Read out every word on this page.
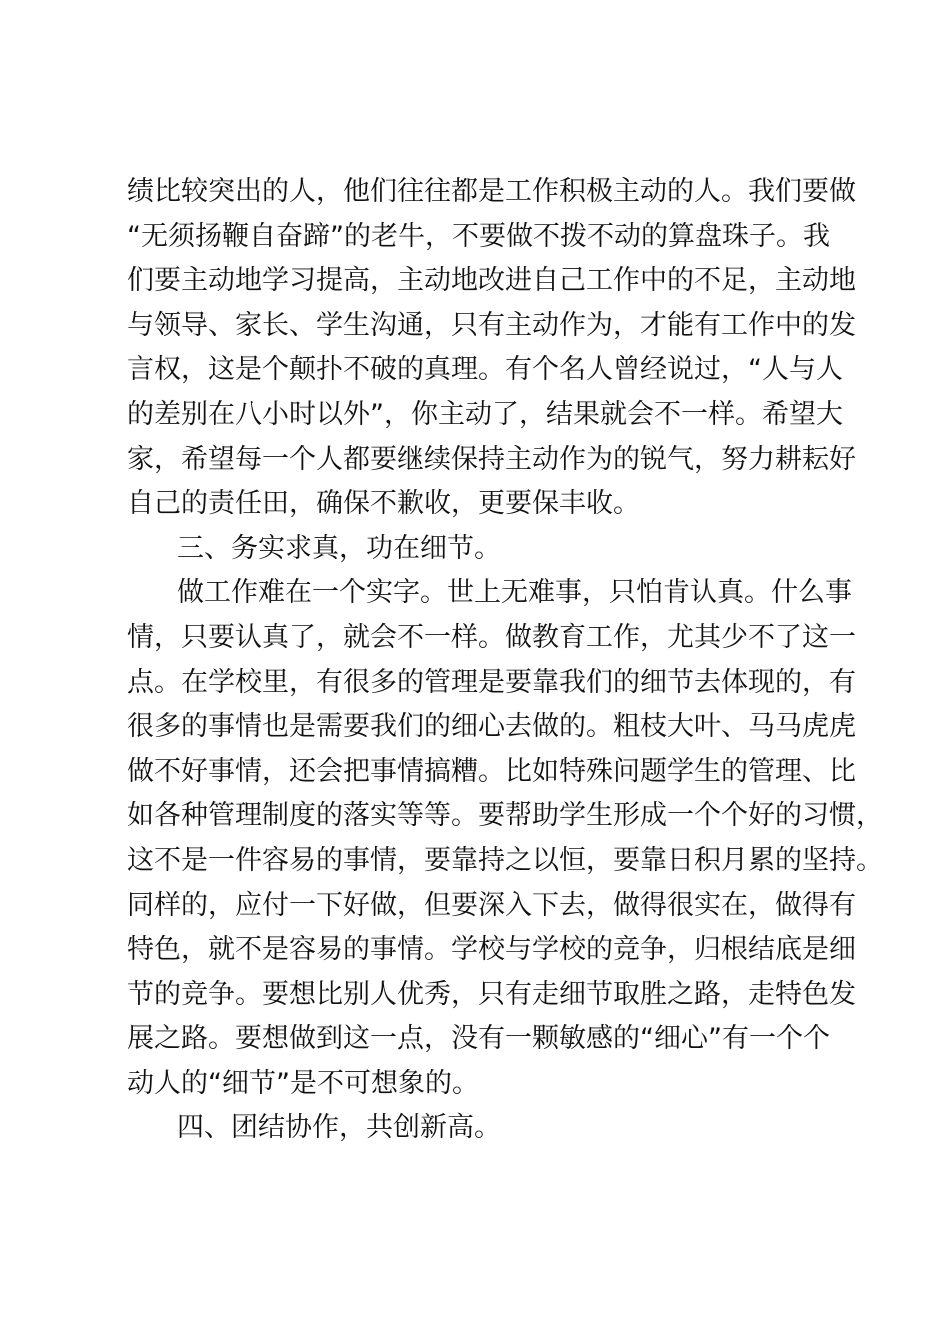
绩比较突出的人，他们往往都是工作积极主动的人。我们要做
“无须扬鞭自奋蹄”的老牛，不要做不拨不动的算盘珠子。我
们要主动地学习提高，主动地改进自己工作中的不足，主动地
与领导、家长、学生沟通，只有主动作为，才能有工作中的发
言权，这是个颠扑不破的真理。有个名人曾经说过，“人与人
的差别在八小时以外”，你主动了，结果就会不一样。希望大
家，希望每一个人都要继续保持主动作为的锐气，努力耕耘好
自己的责任田，确保不歉收，更要保丰收。
三、务实求真，功在细节。
做工作难在一个实字。世上无难事，只怕肯认真。什么事
情，只要认真了，就会不一样。做教育工作，尤其少不了这一
点。在学校里，有很多的管理是要靠我们的细节去体现的，有
很多的事情也是需要我们的细心去做的。粗枝大叶、马马虎虎
做不好事情，还会把事情搞糟。比如特殊问题学生的管理、比
如各种管理制度的落实等等。要帮助学生形成一个个好的习惯，
这不是一件容易的事情，要靠持之以恒，要靠日积月累的坚持。
同样的，应付一下好做，但要深入下去，做得很实在，做得有
特色，就不是容易的事情。学校与学校的竞争，归根结底是细
节的竞争。要想比别人优秀，只有走细节取胜之路，走特色发
展之路。要想做到这一点，没有一颗敏感的“细心”有一个个
动人的“细节”是不可想象的。
四、团结协作，共创新高。
